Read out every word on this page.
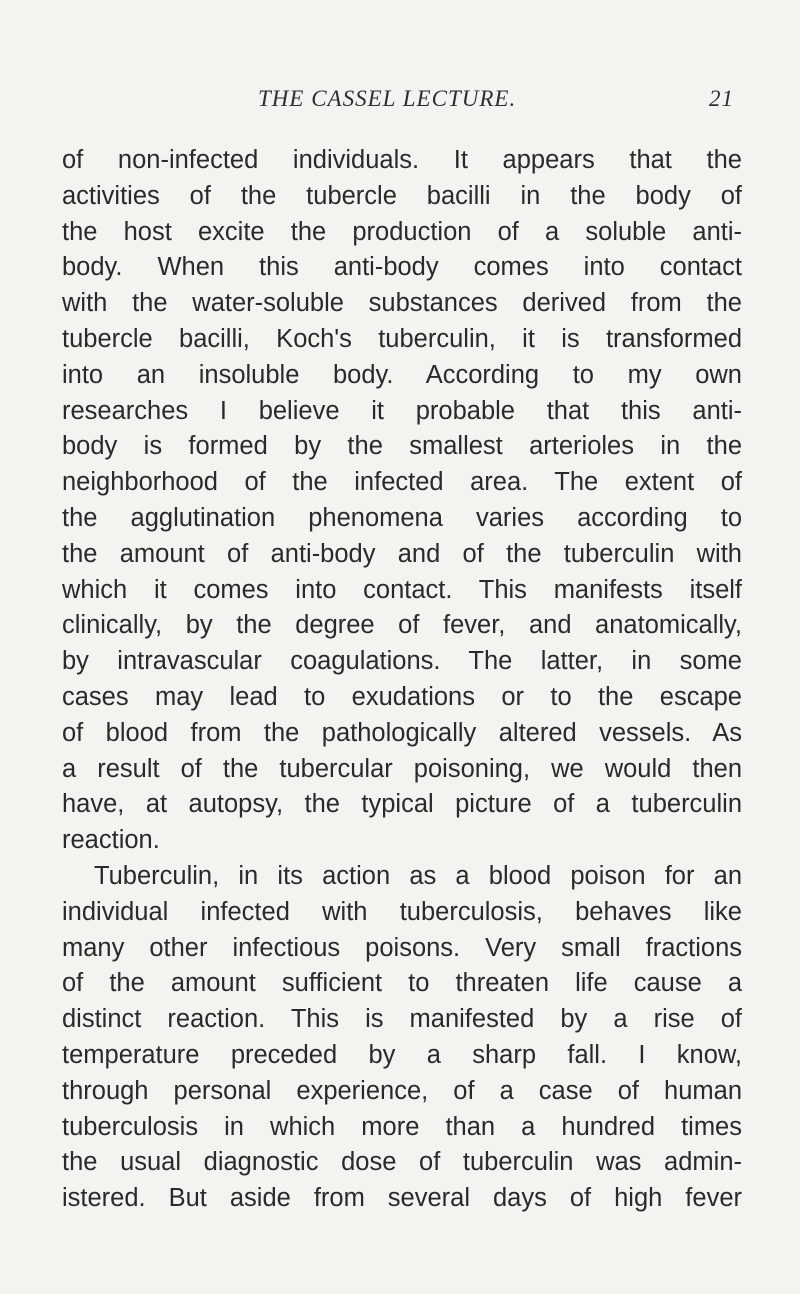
THE CASSEL LECTURE.	21
of non-infected individuals. It appears that the
activities of the tubercle bacilli in the body of
the host excite the production of a soluble anti-
body. When this anti-body comes into contact
with the water-soluble substances derived from the
tubercle bacilli, Koch's tuberculin, it is transformed
into an insoluble body. According to my own
researches I believe it probable that this anti-
body is formed by the smallest arterioles in the
neighborhood of the infected area. The extent of
the agglutination phenomena varies according to
the amount of anti-body and of the tuberculin with
which it comes into contact. This manifests itself
clinically, by the degree of fever, and anatomically,
by intravascular coagulations. The latter, in some
cases may lead to exudations or to the escape
of blood from the pathologically altered vessels. As
a result of the tubercular poisoning, we would then
have, at autopsy, the typical picture of a tuberculin
reaction.
Tuberculin, in its action as a blood poison for an
individual infected with tuberculosis, behaves like
many other infectious poisons. Very small fractions
of the amount sufficient to threaten life cause a
distinct reaction. This is manifested by a rise of
temperature preceded by a sharp fall. I know,
through personal experience, of a case of human
tuberculosis in which more than a hundred times
the usual diagnostic dose of tuberculin was admin-
istered. But aside from several days of high fever
